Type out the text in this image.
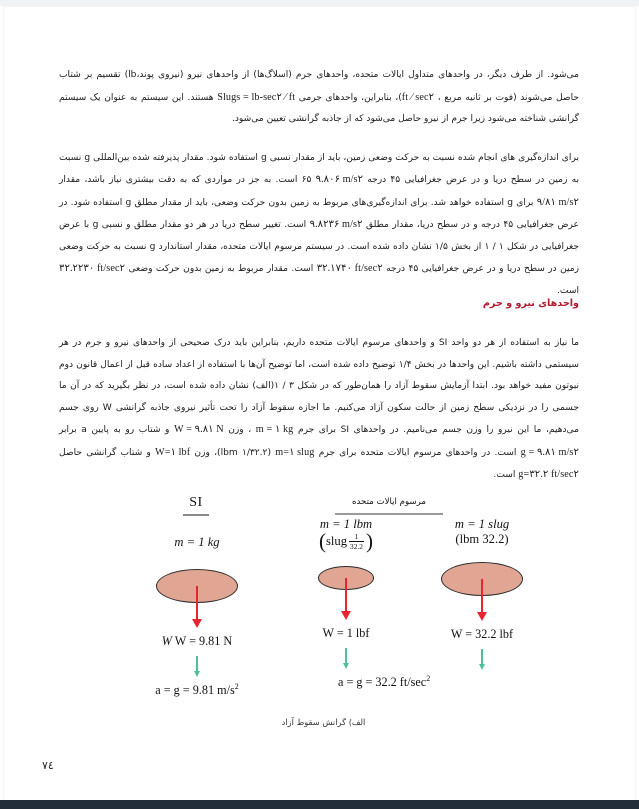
می‌شود. از طرف دیگر، در واحدهای متداول ایالات متحده، واحدهای جرم (اسلاگ‌ها) از واحدهای نیرو (نیروی پوند،lb) تقسیم بر شتاب حاصل می‌شوند (فوت بر ثانیه مربع ، ft ⁄ sec٢)، بنابراین، واحدهای جرمی Slugs = lb-sec٢ ⁄ ft هستند. این سیستم به عنوان یک سیستم گرانشی شناخته می‌شود زیرا جرم از نیرو حاصل می‌شود که از جاذبه گرانشی تعیین می‌شود.

برای اندازه‌گیری های انجام شده نسبت به حرکت وضعی زمین، باید از مقدار نسبی g استفاده شود. مقدار پذیرفته شده بین‌المللی g نسبت به زمین در سطح دریا و در عرض جغرافیایی ۴۵ درجه ٩.٨٠۶ m/s٢ ۶۵ است. به جز در مواردی که به دقت بیشتری نیاز باشد، مقدار ٩/٨١ m/s٢ برای g استفاده خواهد شد. برای اندازه‌گیری‌های مربوط به زمین بدون حرکت وضعی، باید از مقدار مطلق g استفاده شود. در عرض جغرافیایی ۴۵ درجه و در سطح دریا، مقدار مطلق ٩.٨٢٣۶ m/s٢ است. تغییر سطح دریا در هر دو مقدار مطلق و نسبی g با عرض جغرافیایی در شکل ۱ / ۱ از بخش ۱/۵ نشان داده شده است. در سیستم مرسوم ایالات متحده، مقدار استاندارد g نسبت به حرکت وضعی زمین در سطح دریا و در عرض جغرافیایی ۴۵ درجه ٣٢.١٧۴٠ ft/sec٢ است. مقدار مربوط به زمین بدون حرکت وضعی ٣٢.٢٢٣٠ ft/sec٢ است.

واحدهای نیرو و جرم

ما نیاز به استفاده از هر دو واحد SI و واحدهای مرسوم ایالات متحده داریم، بنابراین باید درک صحیحی از واحدهای نیرو و جرم در هر سیستمی داشته باشیم. این واحدها در بخش ۱/۴ توضیح داده شده است، اما توضیح آن‌ها با استفاده از اعداد ساده قبل از اعمال قانون دوم نیوتون مفید خواهد بود. ابتدا آزمایش سقوط آزاد را همان‌طور که در شکل ۳ / ۱(الف) نشان داده شده است، در نظر بگیرید که در آن ما جسمی را در نزدیکی سطح زمین از حالت سکون آزاد می‌کنیم. ما اجازه سقوط آزاد را تحت تأثیر نیروی جاذبه گرانشی W روی جسم می‌دهیم، ما این نیرو را وزن جسم می‌نامیم. در واحدهای SI برای جرم m = ١ kg ، وزن W = ٩.٨١ N و شتاب رو به پایین a برابر g = ٩.٨١ m/s٢ است. در واحدهای مرسوم ایالات متحده برای جرم m=١ slug (١/٣٢.٢ lbm)، وزن W=١ lbf و شتاب گرانشی حاصل g=٣٢.٢ ft/sec٢ است.

SI	مرسوم ایالات متحده
m = 1 kg
W W = 9.81 N
a = g = 9.81 $m/s^2$
m = 1 lbm
(
$\frac{1}{32.2}$
slug
)
W = 1 lbf
a = g = 32.2 $ft/\sec^2$
m = 1 slug
(32.2 lbm)
W = 32.2 lbf
الف) گرانش سقوط آزاد
٧٤
